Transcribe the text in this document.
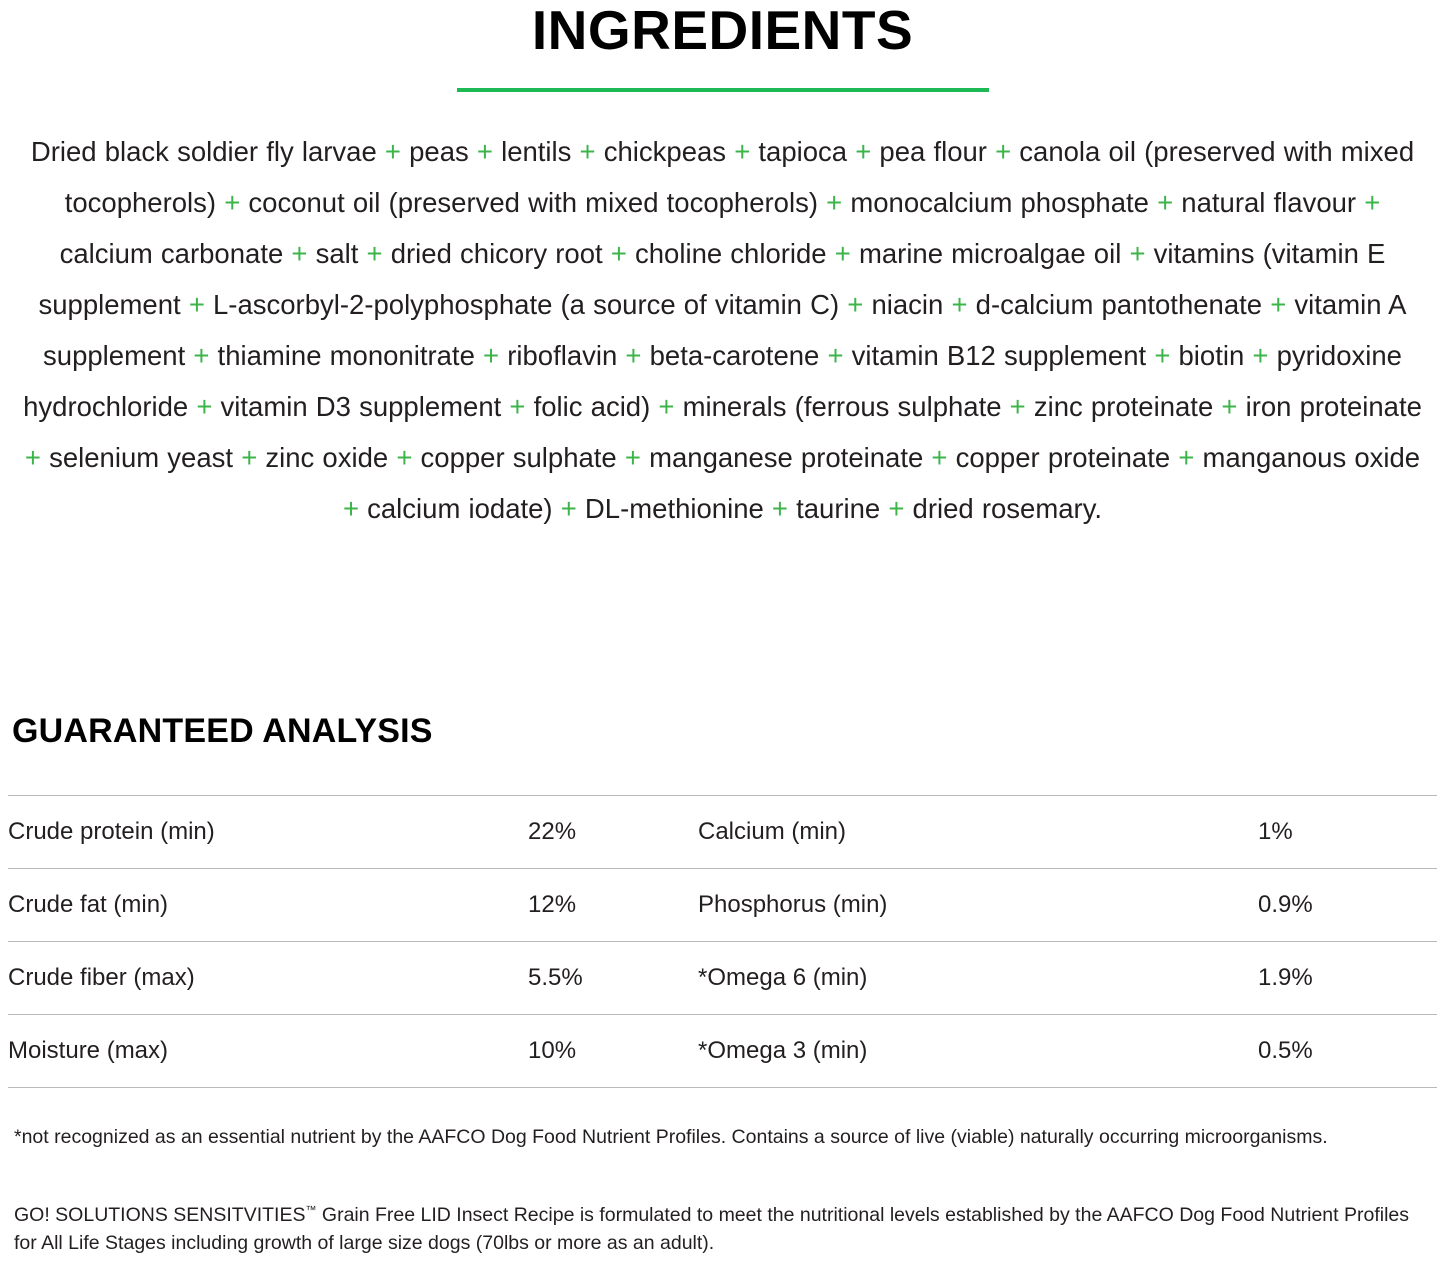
INGREDIENTS
Dried black soldier fly larvae + peas + lentils + chickpeas + tapioca + pea flour + canola oil (preserved with mixed tocopherols) + coconut oil (preserved with mixed tocopherols) + monocalcium phosphate + natural flavour + calcium carbonate + salt + dried chicory root + choline chloride + marine microalgae oil + vitamins (vitamin E supplement + L-ascorbyl-2-polyphosphate (a source of vitamin C) + niacin + d-calcium pantothenate + vitamin A supplement + thiamine mononitrate + riboflavin + beta-carotene + vitamin B12 supplement + biotin + pyridoxine hydrochloride + vitamin D3 supplement + folic acid) + minerals (ferrous sulphate + zinc proteinate + iron proteinate + selenium yeast + zinc oxide + copper sulphate + manganese proteinate + copper proteinate + manganous oxide + calcium iodate) + DL-methionine + taurine + dried rosemary.
GUARANTEED ANALYSIS
Crude protein (min)	22%	Calcium (min)	1%
Crude fat (min)	12%	Phosphorus (min)	0.9%
Crude fiber (max)	5.5%	*Omega 6 (min)	1.9%
Moisture (max)	10%	*Omega 3 (min)	0.5%
*not recognized as an essential nutrient by the AAFCO Dog Food Nutrient Profiles. Contains a source of live (viable) naturally occurring microorganisms.
GO! SOLUTIONS SENSITVITIES™ Grain Free LID Insect Recipe is formulated to meet the nutritional levels established by the AAFCO Dog Food Nutrient Profiles for All Life Stages including growth of large size dogs (70lbs or more as an adult).
